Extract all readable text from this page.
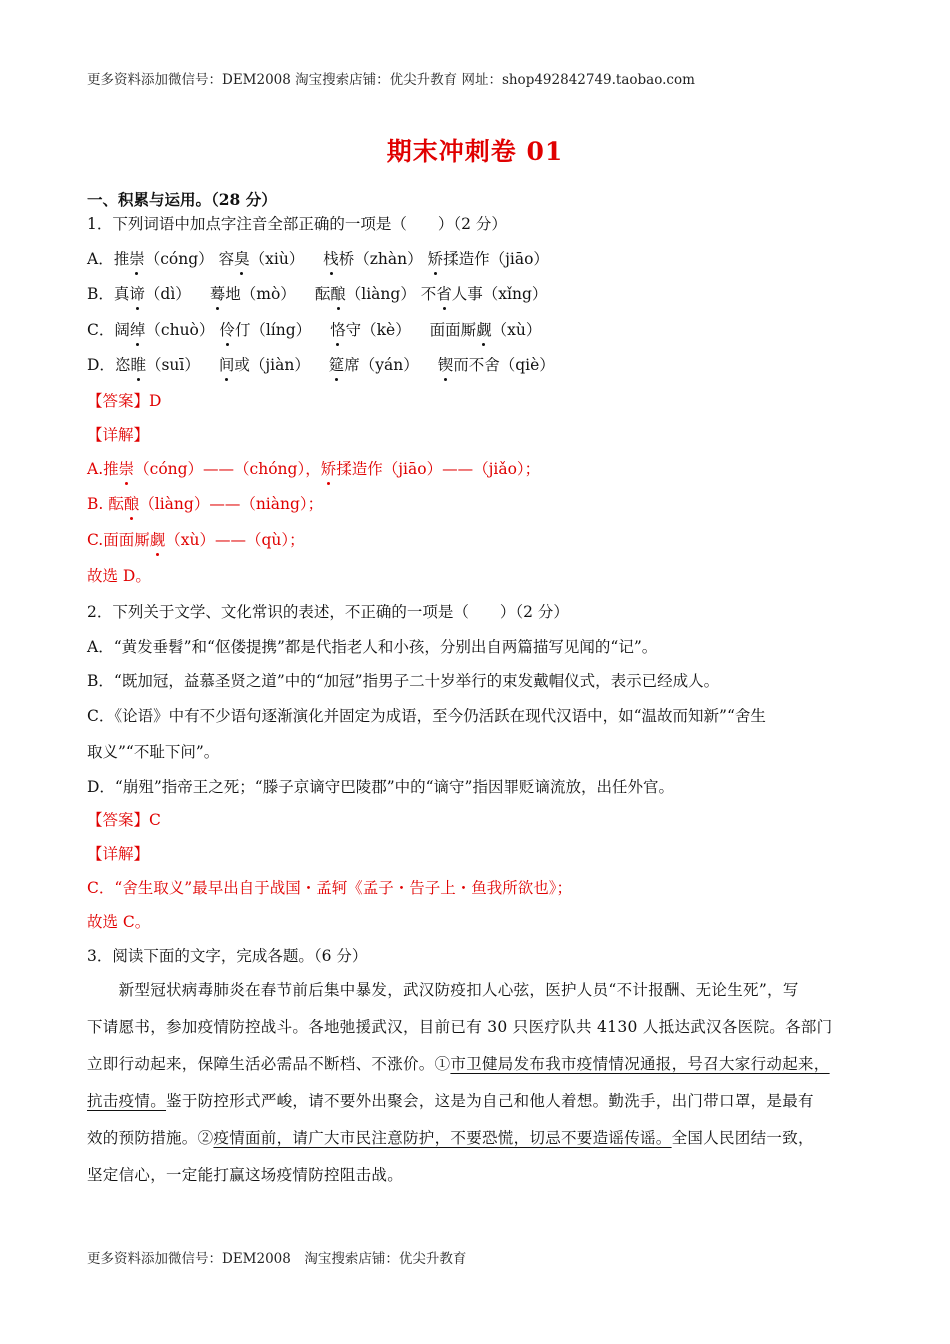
更多资料添加微信号：DEM2008 淘宝搜索店铺：优尖升教育 网址：shop492842749.taobao.com
期末冲刺卷 01
一、积累与运用。（28 分）
1．下列词语中加点字注音全部正确的一项是（　　）（2 分）
A．推崇（cóng） 容臭（xiù） 栈桥（zhàn） 矫揉造作（jiāo）
B．真谛（dì） 蓦地（mò） 酝酿（liàng） 不省人事（xǐng）
C．阔绰（chuò） 伶仃（líng） 恪守（kè） 面面厮觑（xù）
D．恣睢（suī） 间或（jiàn） 筵席（yán） 锲而不舍（qiè）
【答案】D
【详解】
A.推崇（cóng）——（chóng），矫揉造作（jiāo）——（jiǎo）；
B. 酝酿（liàng）——（niàng）；
C.面面厮觑（xù）——（qù）；
故选 D。
2．下列关于文学、文化常识的表述，不正确的一项是（　　）（2 分）
A．“黄发垂髫”和“伛偻提携”都是代指老人和小孩，分别出自两篇描写见闻的“记”。
B．“既加冠，益慕圣贤之道”中的“加冠”指男子二十岁举行的束发戴帽仪式，表示已经成人。
C．《论语》中有不少语句逐渐演化并固定为成语，至今仍活跃在现代汉语中，如“温故而知新”“舍生
取义”“不耻下问”。
D．“崩殂”指帝王之死；“滕子京谪守巴陵郡”中的“谪守”指因罪贬谪流放，出任外官。
【答案】C
【详解】
C．“舍生取义”最早出自于战国・孟轲《孟子・告子上・鱼我所欲也》；
故选 C。
3．阅读下面的文字，完成各题。（6 分）
　　新型冠状病毒肺炎在春节前后集中暴发，武汉防疫扣人心弦，医护人员“不计报酬、无论生死”，写
下请愿书，参加疫情防控战斗。各地弛援武汉，目前已有 30 只医疗队共 4130 人抵达武汉各医院。各部门
立即行动起来，保障生活必需品不断档、不涨价。①市卫健局发布我市疫情情况通报，号召大家行动起来，
抗击疫情。鉴于防控形式严峻，请不要外出聚会，这是为自己和他人着想。勤洗手，出门带口罩，是最有
效的预防措施。②疫情面前，请广大市民注意防护，不要恐慌，切忌不要造谣传谣。全国人民团结一致，
坚定信心，一定能打赢这场疫情防控阻击战。
更多资料添加微信号：DEM2008　淘宝搜索店铺：优尖升教育
